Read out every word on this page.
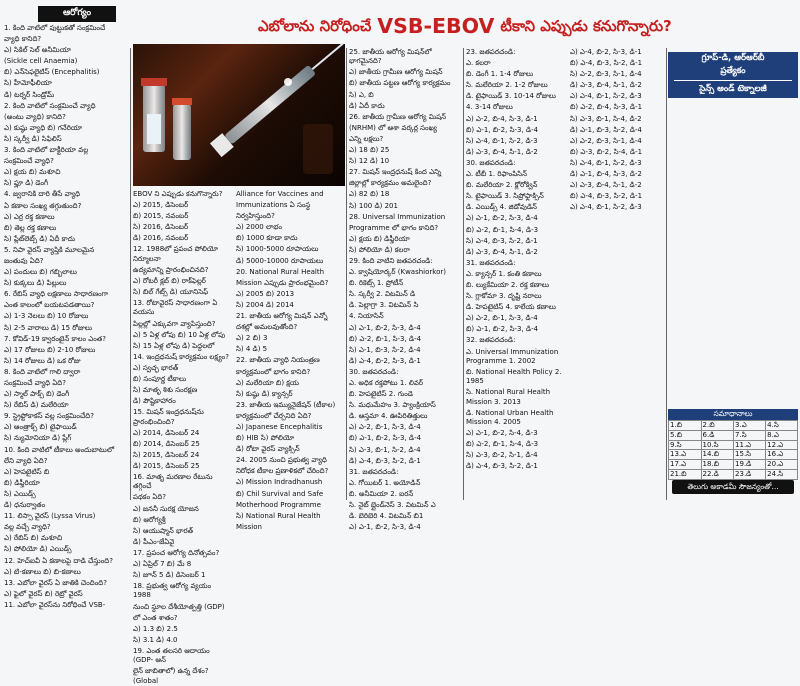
ఆరోగ్యం
ఎబోలాను నిరోధించే VSB-EBOV టీకాని ఎప్పుడు కనుగొన్నారు?
గ్రూప్-డి, ఆర్‌ఆర్‌బీ
ప్రత్యేకం
సైన్స్ అండ్ టెక్నాలజీ

1. కింది వాటిలో పుట్టుకతో సంక్రమించే

వ్యాధి కానిది?

ఎ) సికిల్ సెల్ అనీమియా

(Sickle cell Anaemia)

బి) ఎన్‌సెఫలైటిస్ (Encephalitis)

సి) హీమోఫీలియా

డి) టర్నర్ సిండ్రోమ్

2. కింది వాటిలో సంక్రమించే వ్యాధి

(అంటు వ్యాధి) కానిది?

ఎ) కుష్ఠు వ్యాధి బి) గనేరియా

సి) స్కర్వీ డి) సిఫిలిస్

3. కింది వాటిలో బాక్టీరియా వల్ల

సంక్రమించే వ్యాధి?

ఎ) క్షయ బి) మశూచి

సి) ఫ్లూ డి) డెంగీ

4. జ్వరానికి దారి తీసే వ్యాధి

ఏ కణాల సంఖ్య తగ్గుతుంది?

ఎ) ఎర్ర రక్త కణాలు

బి) తెల్ల రక్త కణాలు

సి) ప్లేట్‌లెట్స్ డి) ఏదీ కాదు

5. నిపా వైరస్ వ్యాప్తికి మూలమైన

జంతువు ఏది?

ఎ) పందులు బి) గబ్బిలాలు

సి) కుక్కలు డి) పిల్లులు

6. రేబిస్ వ్యాధి లక్షణాలు సాధారణంగా

ఎంత కాలంలో బయటపడతాయి?

ఎ) 1-3 నెలలు బి) 10 రోజులు

సి) 2-5 వారాలు డి) 15 రోజులు

7. కోవిడ్-19 క్వారంటైన్ కాలం ఎంత?

ఎ) 17 రోజులు బి) 2-10 రోజులు

సి) 14 రోజులు డి) ఒక రోజు

8. కింది వాటిలో గాలి ద్వారా

సంక్రమించే వ్యాధి ఏది?

ఎ) స్మాల్ పాక్స్ బి) డెంగీ

సి) రేబిస్ డి) మలేరియా

9. స్ట్రెప్టోకాకస్ వల్ల సంక్రమించేది?

ఎ) ఆంత్రాక్స్ బి) టైఫాయిడ్

సి) న్యుమోనియా డి) ప్లేగ్

10. కింది వాటిలో టీకాలు అందుబాటులో

లేని వ్యాధి ఏది?

ఎ) హెపటైటిస్ బి

బి) డిఫ్తీరియా

సి) ఎయిడ్స్

డి) ధనుర్వాతం

11. లిస్సా వైరస్ (Lyssa Virus)

వల్ల వచ్చే వ్యాధి?

ఎ) రేబిస్ బి) మశూచి

సి) పోలియో డి) ఎయిడ్స్

12. హెచ్‌ఐవీ ఏ కణాలపై దాడి చేస్తుంది?

ఎ) టి-కణాలు బి) బి-కణాలు

13. ఎబోలా వైరస్ ఏ జాతికి చెందింది?

ఎ) ఫైలో వైరస్ బి) రెట్రో వైరస్

11. ఎబోలా వైరస్‌ను నిరోధించే VSB-

EBOV ని ఎప్పుడు కనుగొన్నారు?

ఎ) 2015, డిసెంబర్

బి) 2015, నవంబర్

సి) 2016, డిసెంబర్

డి) 2016, నవంబర్

12. 1988లో ప్రపంచ పోలియో నిర్మూలనా

ఉద్యమాన్ని ప్రారంభించినది?

ఎ) రోటరీ క్లబ్ బి) రాక్‌ఫెల్లర్

సి) బిల్ గేట్స్ డి) యూనిసెఫ్

13. రోటావైరస్ సాధారణంగా ఏ వయసు

పిల్లల్లో ఎక్కువగా వ్యాపిస్తుంది?

ఎ) 5 ఏళ్ల లోపు బి) 10 ఏళ్ల లోపు

సి) 15 ఏళ్ల లోపు డి) పెద్దలలో

14. ఇంద్రధనుష్ కార్యక్రమం లక్ష్యం?

ఎ) స్వచ్ఛ భారత్

బి) సంపూర్ణ టీకాలు

సి) మాతృ శిశు సంరక్షణ

డి) పౌష్టికాహారం

15. మిషన్ ఇంద్రధనుష్‌ను ప్రారంభించింది?

ఎ) 2014, డిసెంబర్ 24

బి) 2014, డిసెంబర్ 25

సి) 2015, డిసెంబర్ 24

డి) 2015, డిసెంబర్ 25

16. మాతృ మరణాల రేటును తగ్గించే

పథకం ఏది?

ఎ) జననీ సురక్ష యోజన

బి) ఆరోగ్యశ్రీ

సి) ఆయుష్మాన్ భారత్

డి) పీఎం-జేఏవై

17. ప్రపంచ ఆరోగ్య దినోత్సవం?

ఎ) ఏప్రిల్ 7 బి) మే 8

సి) జూన్ 5 డి) డిసెంబర్ 1

18. ప్రభుత్వ ఆరోగ్య వ్యయం 1988

నుంచి స్థూల దేశీయోత్పత్తి (GDP)

లో ఎంత శాతం?

ఎ) 1.3 బి) 2.5

సి) 3.1 డి) 4.0

19. ఎంత తలసరి ఆదాయం (GDP- ఆన్

లైన్ జాబితాలో) ఉన్న దేశం? (Global

Alliance for Vaccines and

Immunizations ఏ సంస్థ

నిర్వహిస్తుంది?

ఎ) 2000 లాభం

బి) 1000 కూడా కాదు

సి) 1000-5000 రూపాయలు

డి) 5000-10000 రూపాయలు

20. National Rural Health

Mission ఎప్పుడు ప్రారంభమైంది?

ఎ) 2005 బి) 2013

సి) 2004 డి) 2014

21. జాతీయ ఆరోగ్య మిషన్ ఎన్నో

దశల్లో అమలవుతోంది?

ఎ) 2 బి) 3

సి) 4 డి) 5

22. జాతీయ వ్యాధి నియంత్రణ

కార్యక్రమంలో భాగం కానిది?

ఎ) మలేరియా బి) క్షయ

సి) కుష్ఠు డి) క్యాన్సర్

23. జాతీయ ఇమ్యునైజేషన్ (టీకాల)

కార్యక్రమంలో చేర్చనిది ఏది?

ఎ) Japanese Encephalitis

బి) HIB సి) పోలియో

డి) రోటా వైరస్ వ్యాక్సిన్

24. 2005 నుంచి ప్రభుత్వ వ్యాధి

నిరోధక టీకాల ప్రణాళికలో చేరింది?

ఎ) Mission Indradhanush

బి) Chil Survival and Safe

Motherhood Programme

సి) National Rural Health

Mission

25. జాతీయ ఆరోగ్య మిషన్‌లో భాగమైనది?

ఎ) జాతీయ గ్రామీణ ఆరోగ్య మిషన్

బి) జాతీయ పట్టణ ఆరోగ్య కార్యక్రమం

సి) ఎ, బి

డి) ఏదీ కాదు

26. జాతీయ గ్రామీణ ఆరోగ్య మిషన్

(NRHM) లో ఆశా వర్కర్ల సంఖ్య

ఎన్ని లక్షలు?

ఎ) 18 బి) 25

సి) 12 డి) 10

27. మిషన్ ఇంద్రధనుష్ కింద ఎన్ని

జిల్లాల్లో కార్యక్రమం అమలైంది?

ఎ) 82 బి) 18

సి) 100 డి) 201

28. Universal Immunization

Programme లో భాగం కానిది?

ఎ) క్షయ బి) డిఫ్తీరియా

సి) పోలియో డి) కలరా

29. కింది వాటిని జతపరచండి:

ఎ. క్వాషియోర్కర్ (Kwashiorkor)

బి. రికెట్స్ 1. ప్రోటీన్

సి. స్కర్వీ 2. విటమిన్ డి

డి. పెల్లాగ్రా 3. విటమిన్ సి

4. నియాసిన్

ఎ) ఎ-1, బి-2, సి-3, డి-4

బి) ఎ-2, బి-1, సి-3, డి-4

సి) ఎ-1, బి-3, సి-2, డి-4

డి) ఎ-4, బి-2, సి-3, డి-1

30. జతపరచండి:

ఎ. అధిక రక్తపోటు 1. లివర్

బి. హెపటైటిస్ 2. గుండె

సి. మధుమేహం 3. ప్యాంక్రియాస్

డి. ఆస్తమా 4. ఊపిరితిత్తులు

ఎ) ఎ-2, బి-1, సి-3, డి-4

బి) ఎ-1, బి-2, సి-3, డి-4

సి) ఎ-3, బి-1, సి-2, డి-4

డి) ఎ-4, బి-3, సి-2, డి-1

31. జతపరచండి:

ఎ. గోయిటర్ 1. అయోడిన్

బి. అనీమియా 2. ఐరన్

సి. నైట్ బ్లైండ్‌నెస్ 3. విటమిన్ ఎ

డి. బెరిబెరి 4. విటమిన్ బి1

ఎ) ఎ-1, బి-2, సి-3, డి-4

23. జతపరచండి:

ఎ. కలరా

బి. డెంగీ 1. 1-4 రోజులు

సి. మలేరియా 2. 1-2 రోజులు

డి. టైఫాయిడ్ 3. 10-14 రోజులు

4. 3-14 రోజులు

ఎ) ఎ-2, బి-4, సి-3, డి-1

బి) ఎ-1, బి-2, సి-3, డి-4

సి) ఎ-4, బి-1, సి-2, డి-3

డి) ఎ-3, బి-4, సి-1, డి-2

30. జతపరచండి:

ఎ. టీబీ 1. రిఫాంపిసిన్

బి. మలేరియా 2. క్లోరోక్విన్

సి. టైఫాయిడ్ 3. సిప్రోఫ్లాక్సిన్

డి. ఎయిడ్స్ 4. జిడోవుడిన్

ఎ) ఎ-1, బి-2, సి-3, డి-4

బి) ఎ-2, బి-1, సి-4, డి-3

సి) ఎ-4, బి-3, సి-2, డి-1

డి) ఎ-3, బి-4, సి-1, డి-2

31. జతపరచండి:

ఎ. క్యాన్సర్ 1. కంతి కణాలు

బి. ల్యుకేమియా 2. రక్త కణాలు

సి. గ్లాకోమా 3. దృష్టి నరాలు

డి. హెపటైటిస్ 4. కాలేయ కణాలు

ఎ) ఎ-2, బి-1, సి-3, డి-4

బి) ఎ-1, బి-2, సి-3, డి-4

32. జతపరచండి:

ఎ. Universal Immunization Programme 1. 2002

బి. National Health Policy 2. 1985

సి. National Rural Health Mission 3. 2013

డి. National Urban Health Mission 4. 2005

ఎ) ఎ-1, బి-2, సి-4, డి-3

బి) ఎ-2, బి-1, సి-4, డి-3

సి) ఎ-3, బి-2, సి-1, డి-4

డి) ఎ-4, బి-3, సి-2, డి-1

ఎ) ఎ-4, బి-2, సి-3, డి-1

బి) ఎ-4, బి-3, సి-2, డి-1

సి) ఎ-2, బి-3, సి-1, డి-4

డి) ఎ-3, బి-4, సి-1, డి-2

ఎ) ఎ-4, బి-1, సి-2, డి-3

బి) ఎ-2, బి-4, సి-3, డి-1

సి) ఎ-3, బి-1, సి-4, డి-2

డి) ఎ-1, బి-3, సి-2, డి-4

ఎ) ఎ-2, బి-3, సి-1, డి-4

బి) ఎ-3, బి-2, సి-4, డి-1

సి) ఎ-4, బి-1, సి-2, డి-3

డి) ఎ-1, బి-4, సి-3, డి-2

ఎ) ఎ-3, బి-4, సి-1, డి-2

బి) ఎ-4, బి-3, సి-2, డి-1

ఎ) ఎ-4, బి-1, సి-2, డి-3

సమాధానాలు
1.బి	2.బి	3.ఎ	4.సి
5.బి	6.డి	7.సి	8.ఎ
9.సి	10.సి	11.ఎ	12.ఎ
13.ఎ	14.బి	15.సి	16.ఎ
17.ఎ	18.బి	19.డి	20.ఎ
21.బి	22.డి	23.డి	24.సి
తెలుగు అకాడమీ సౌజన్యంతో...
